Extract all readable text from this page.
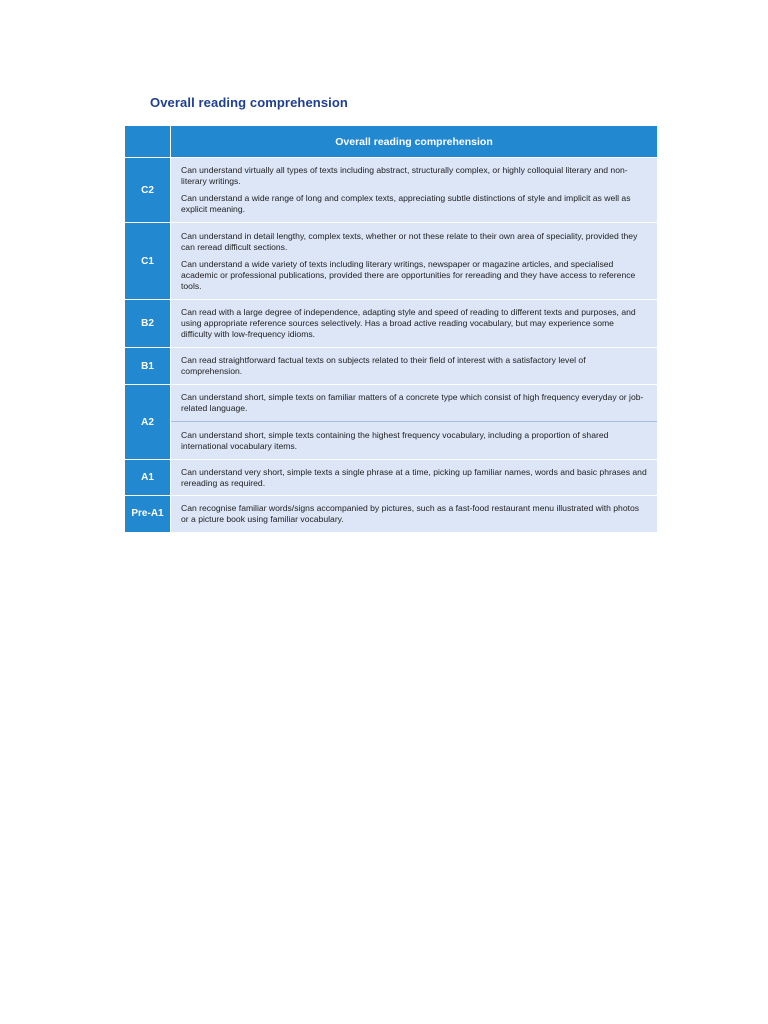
Overall reading comprehension
	Overall reading comprehension
C2	Can understand virtually all types of texts including abstract, structurally complex, or highly colloquial literary and non-literary writings.

Can understand a wide range of long and complex texts, appreciating subtle distinctions of style and implicit as well as explicit meaning.

C1	Can understand in detail lengthy, complex texts, whether or not these relate to their own area of speciality, provided they can reread difficult sections.

Can understand a wide variety of texts including literary writings, newspaper or magazine articles, and specialised academic or professional publications, provided there are opportunities for rereading and they have access to reference tools.

B2	Can read with a large degree of independence, adapting style and speed of reading to different texts and purposes, and using appropriate reference sources selectively. Has a broad active reading vocabulary, but may experience some difficulty with low-frequency idioms.

B1	Can read straightforward factual texts on subjects related to their field of interest with a satisfactory level of comprehension.

A2	Can understand short, simple texts on familiar matters of a concrete type which consist of high frequency everyday or job-related language.

	Can understand short, simple texts containing the highest frequency vocabulary, including a proportion of shared international vocabulary items.

A1	Can understand very short, simple texts a single phrase at a time, picking up familiar names, words and basic phrases and rereading as required.

Pre-A1	Can recognise familiar words/signs accompanied by pictures, such as a fast-food restaurant menu illustrated with photos or a picture book using familiar vocabulary.
